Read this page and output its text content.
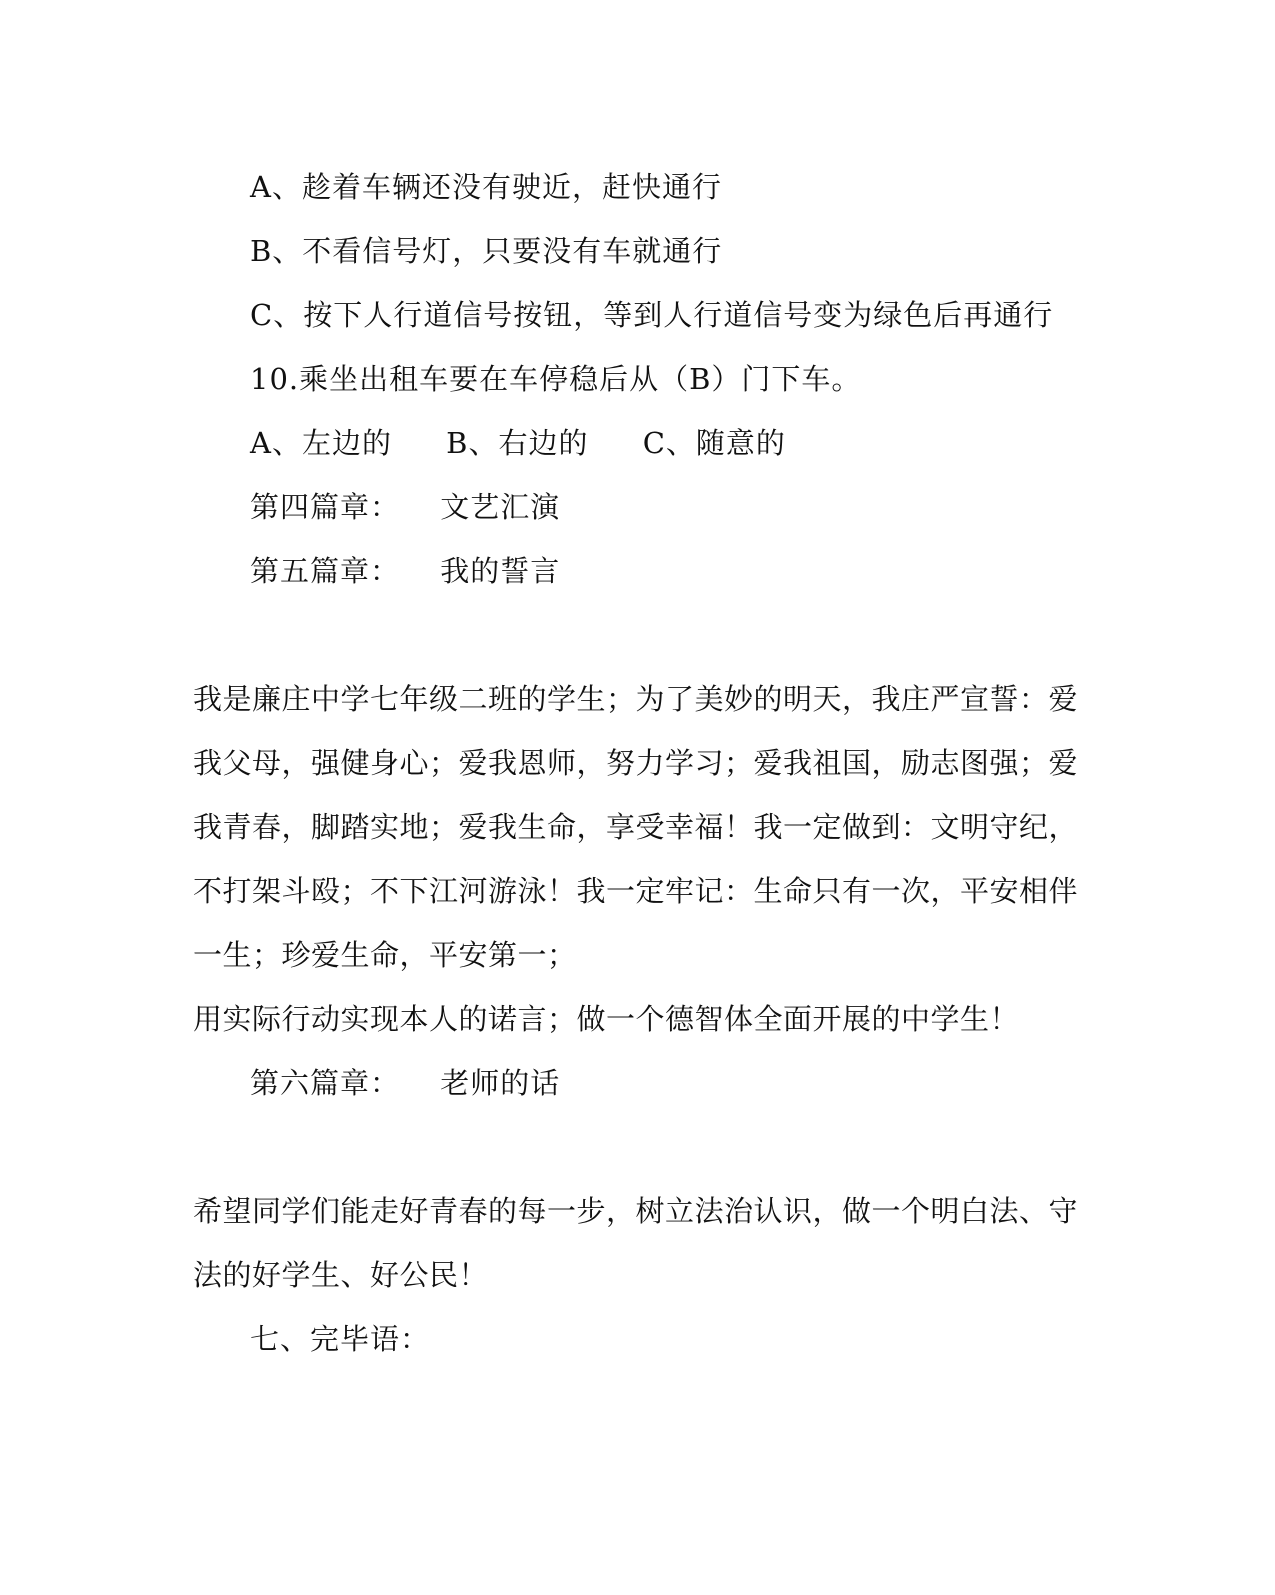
A、趁着车辆还没有驶近，赶快通行
B、不看信号灯，只要没有车就通行
C、按下人行道信号按钮，等到人行道信号变为绿色后再通行
10.乘坐出租车要在车停稳后从（B）门下车。
A、左边的 B、右边的 C、随意的
第四篇章： 文艺汇演
第五篇章： 我的誓言
我是廉庄中学七年级二班的学生；为了美妙的明天，我庄严宣誓：爱
我父母，强健身心；爱我恩师，努力学习；爱我祖国，励志图强；爱
我青春，脚踏实地；爱我生命，享受幸福！我一定做到：文明守纪，
不打架斗殴；不下江河游泳！我一定牢记：生命只有一次，平安相伴
一生；珍爱生命，平安第一；
用实际行动实现本人的诺言；做一个德智体全面开展的中学生！
第六篇章： 老师的话
希望同学们能走好青春的每一步，树立法治认识，做一个明白法、守
法的好学生、好公民！
七、完毕语：
